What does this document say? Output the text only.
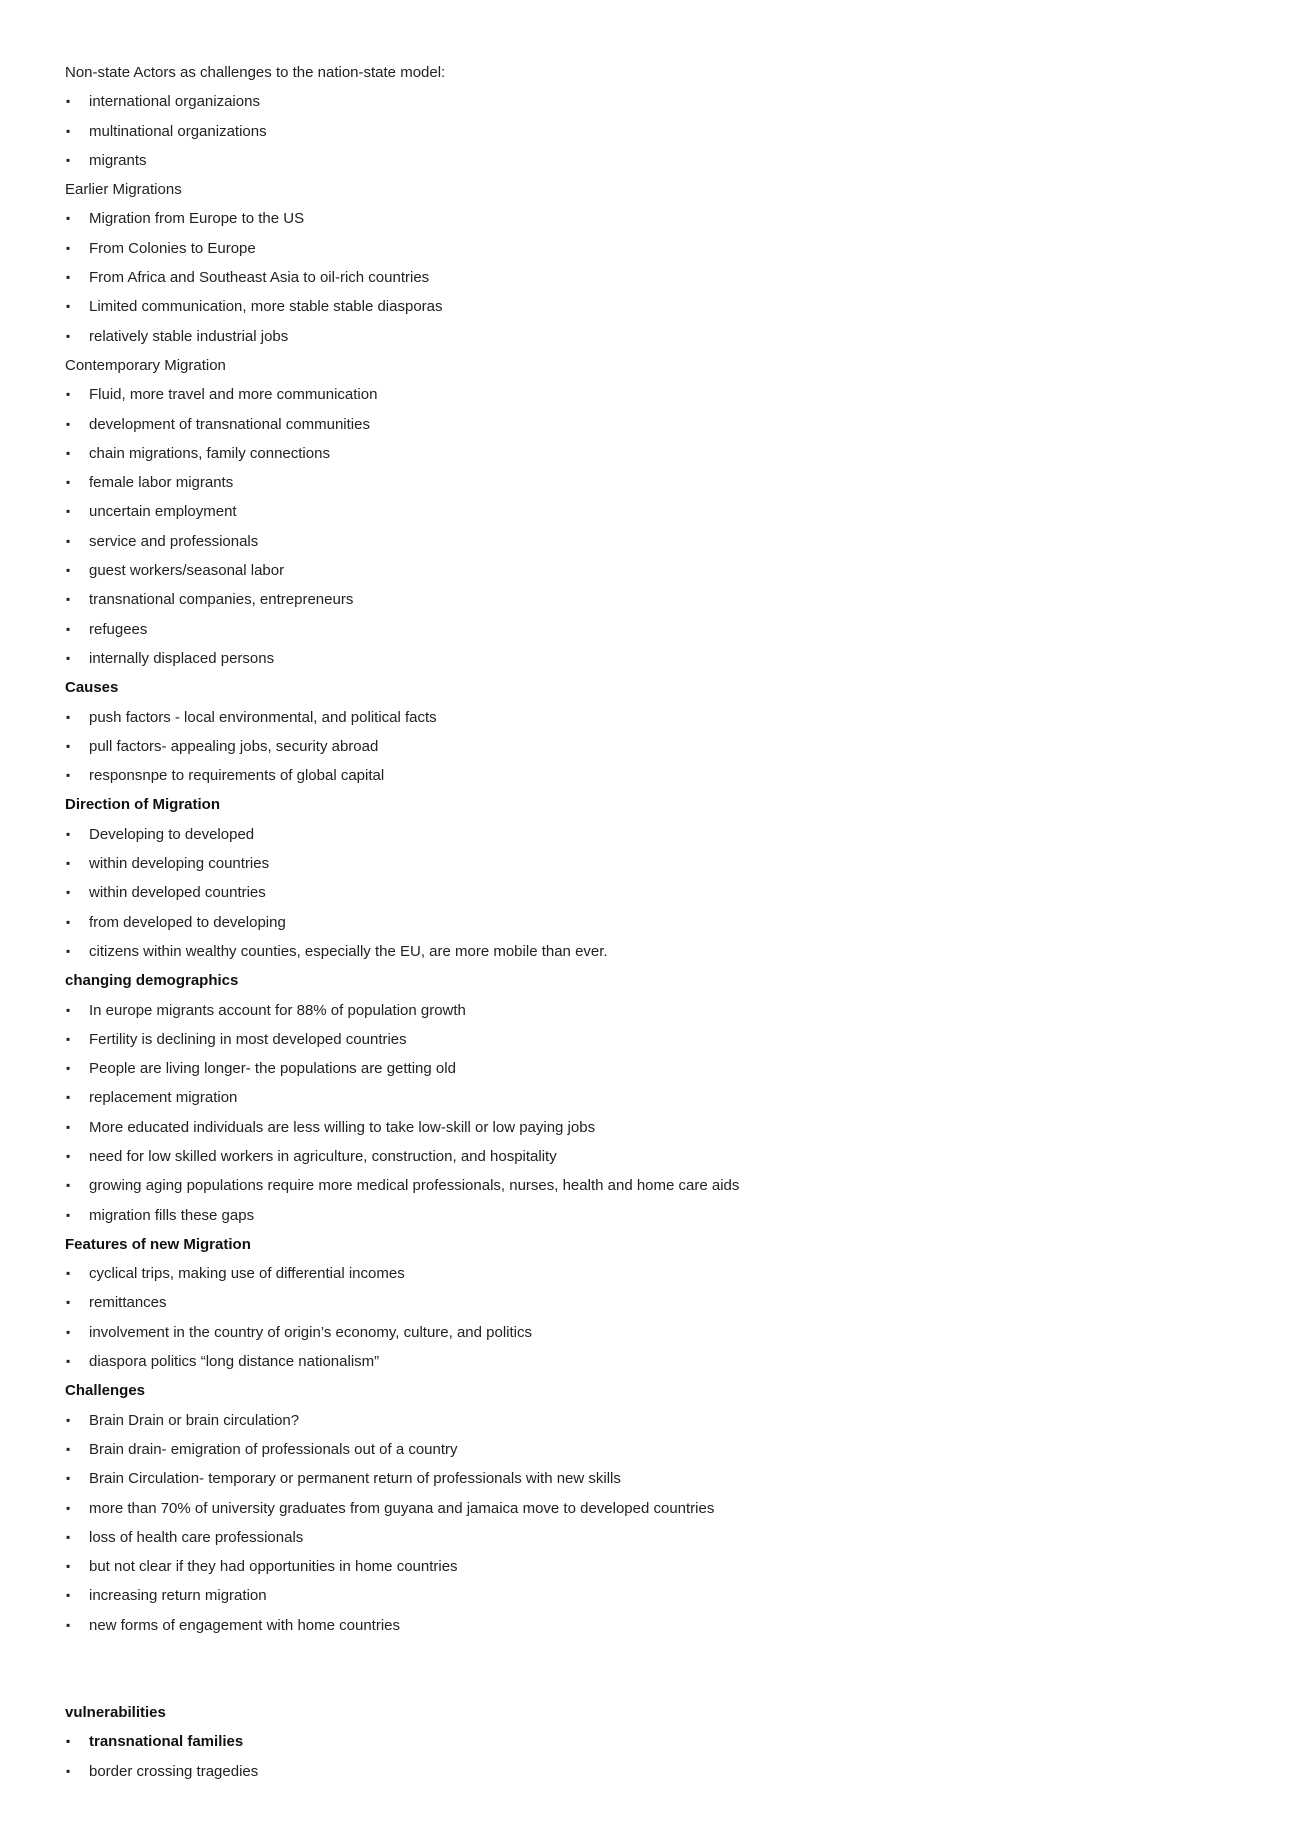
Non-state Actors as challenges to the nation-state model:
▪	international organizaions
▪	multinational organizations
▪	migrants
Earlier Migrations
▪	Migration from Europe to the US
▪	From Colonies to Europe
▪	From Africa and Southeast Asia to oil-rich countries
▪	Limited communication, more stable stable diasporas
▪	relatively stable industrial jobs
Contemporary Migration
▪	Fluid, more travel and more communication
▪	development of transnational communities
▪	chain migrations, family connections
▪	female labor migrants
▪	uncertain employment
▪	service and professionals
▪	guest workers/seasonal labor
▪	transnational companies, entrepreneurs
▪	refugees
▪	internally displaced persons
Causes
▪	push factors - local environmental, and political facts
▪	pull factors- appealing jobs, security abroad
▪	responsnpe to requirements of global capital
Direction of Migration
▪	Developing to developed
▪	within developing countries
▪	within developed countries
▪	from developed to developing
▪	citizens within wealthy counties, especially the EU, are more mobile than ever.
changing demographics
▪	In europe migrants account for 88% of population growth
▪	Fertility is declining in most developed countries
▪	People are living longer- the populations are getting old
▪	replacement migration
▪	More educated individuals are less willing to take low-skill or low paying jobs
▪	need for low skilled workers in agriculture, construction, and hospitality
▪	growing aging populations require more medical professionals, nurses, health and home care aids
▪	migration fills these gaps
Features of new Migration
▪	cyclical trips, making use of differential incomes
▪	remittances
▪	involvement in the country of origin’s economy, culture, and politics
▪	diaspora politics “long distance nationalism”
Challenges
▪	Brain Drain or brain circulation?
▪	Brain drain- emigration of professionals out of a country
▪	Brain Circulation- temporary or permanent return of professionals with new skills
▪	more than 70% of university graduates from guyana and jamaica move to developed countries
▪	loss of health care professionals
▪	but not clear if they had opportunities in home countries
▪	increasing return migration
▪	new forms of engagement with home countries
vulnerabilities
▪	transnational families
▪	border crossing tragedies
